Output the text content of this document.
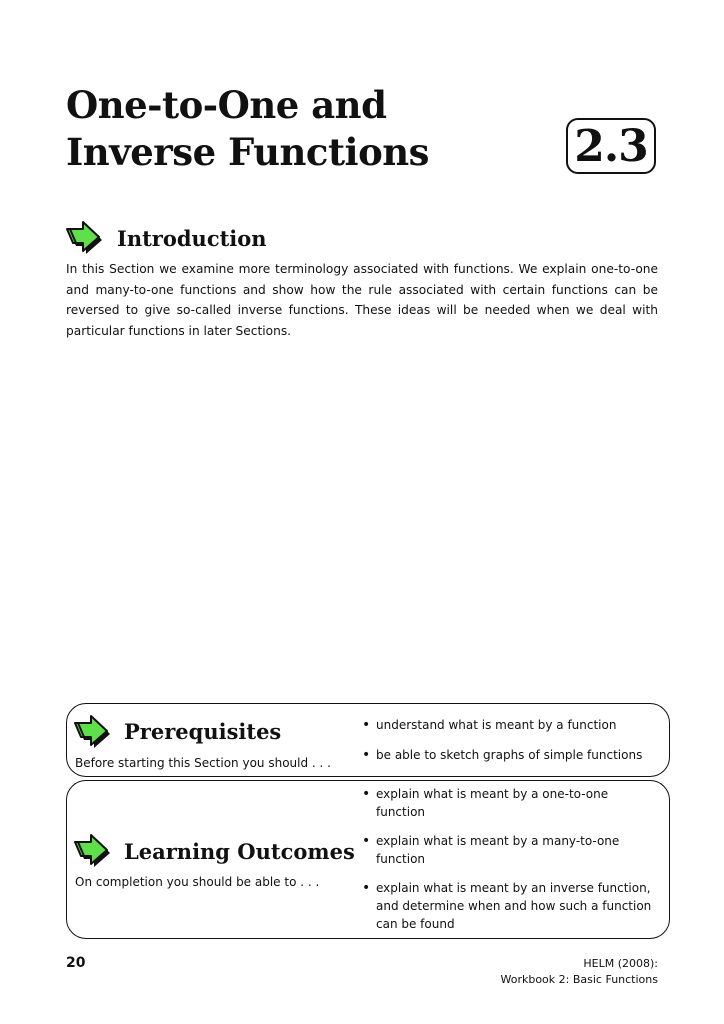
One-to-One and
Inverse Functions	2.3
Introduction

In this Section we examine more terminology associated with functions. We explain one-to-one and many-to-one functions and show how the rule associated with certain functions can be reversed to give so-called inverse functions. These ideas will be needed when we deal with particular functions in later Sections.

Prerequisites

Before starting this Section you should . . .

• understand what is meant by a function
• be able to sketch graphs of simple functions
Learning Outcomes

On completion you should be able to . . .

• explain what is meant by a one-to-one function
• explain what is meant by a many-to-one function
• explain what is meant by an inverse function, and determine when and how such a function can be found

20	HELM (2008):
Workbook 2: Basic Functions
